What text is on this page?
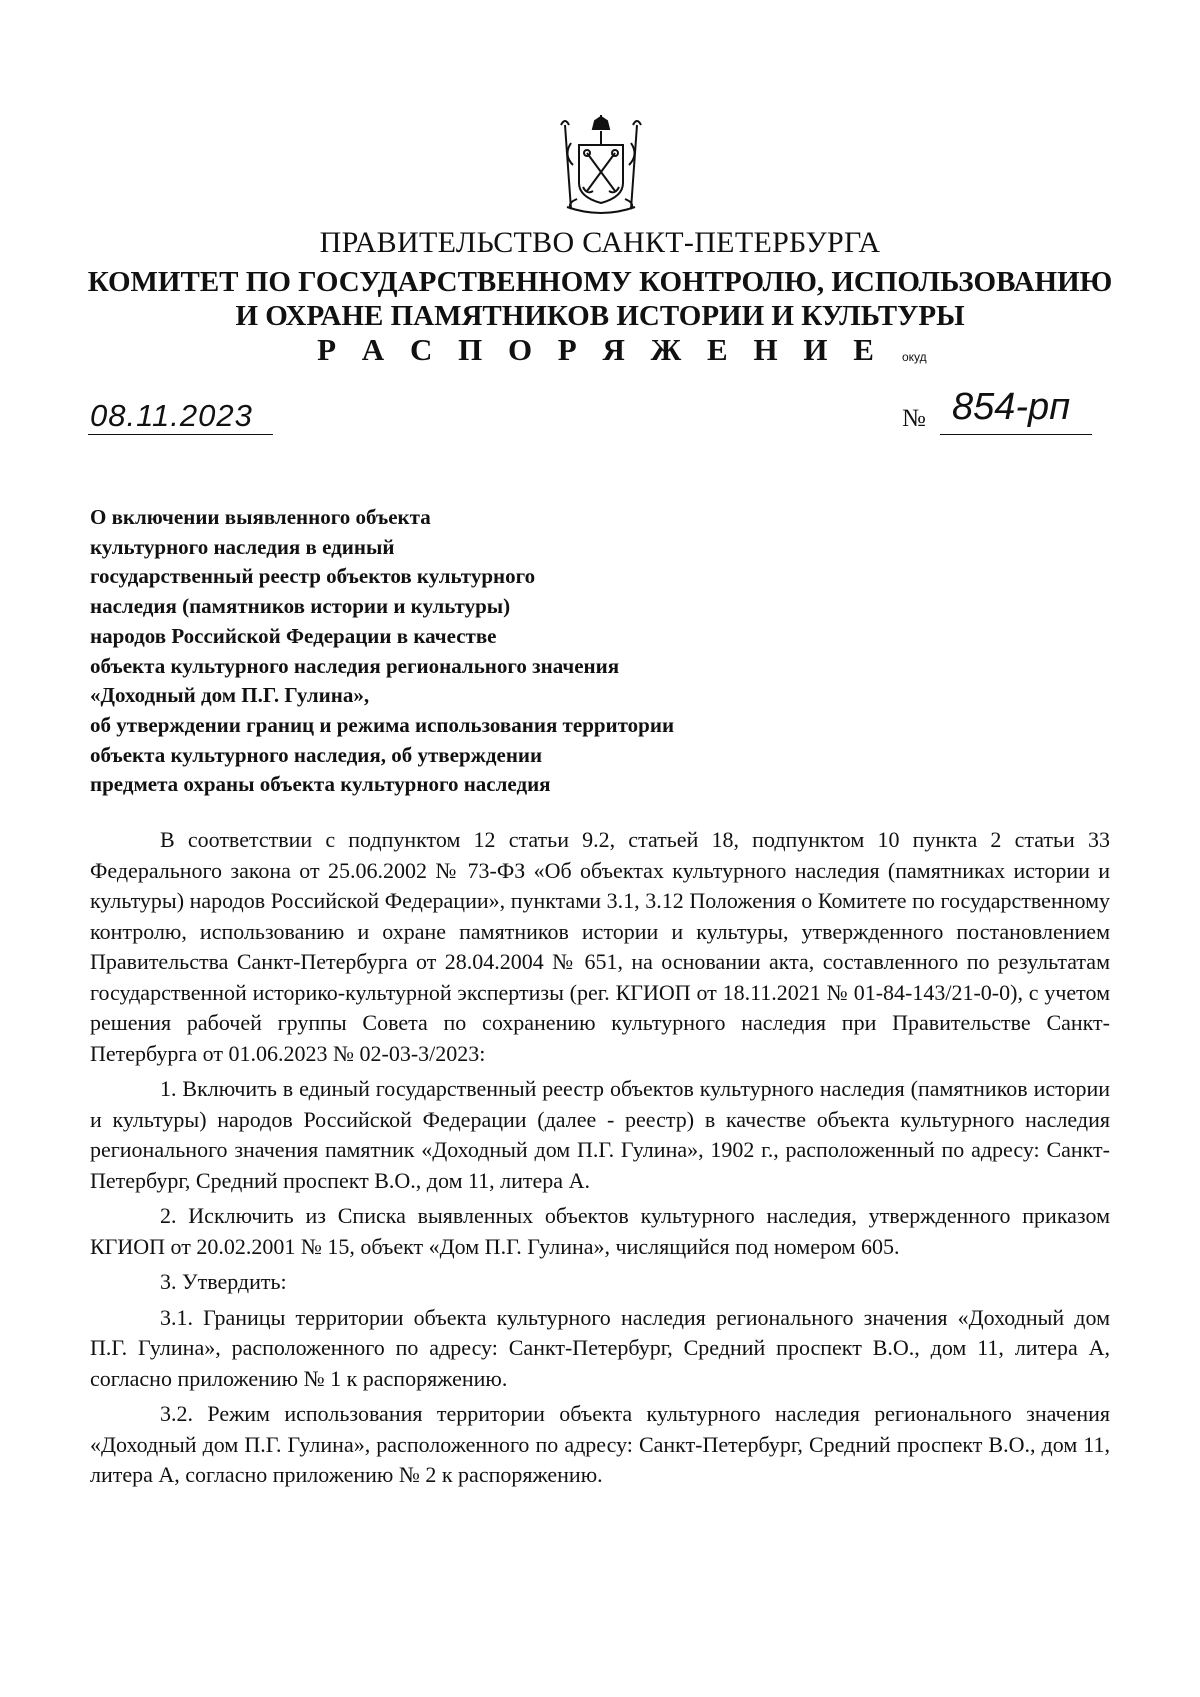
ПРАВИТЕЛЬСТВО САНКТ-ПЕТЕРБУРГА
КОМИТЕТ ПО ГОСУДАРСТВЕННОМУ КОНТРОЛЮ, ИСПОЛЬЗОВАНИЮ
И ОХРАНЕ ПАМЯТНИКОВ ИСТОРИИ И КУЛЬТУРЫ
Р А С П О Р Я Ж Е Н И Е	окуд
08.11.2023	№ 854-рп
О включении выявленного объекта
культурного наследия в единый
государственный реестр объектов культурного
наследия (памятников истории и культуры)
народов Российской Федерации в качестве
объекта культурного наследия регионального значения
«Доходный дом П.Г. Гулина»,
об утверждении границ и режима использования территории
объекта культурного наследия, об утверждении
предмета охраны объекта культурного наследия

В соответствии с подпунктом 12 статьи 9.2, статьей 18, подпунктом 10 пункта 2 статьи 33 Федерального закона от 25.06.2002 № 73-ФЗ «Об объектах культурного наследия (памятниках истории и культуры) народов Российской Федерации», пунктами 3.1, 3.12 Положения о Комитете по государственному контролю, использованию и охране памятников истории и культуры, утвержденного постановлением Правительства Санкт-Петербурга от 28.04.2004 № 651, на основании акта, составленного по результатам государственной историко-культурной экспертизы (рег. КГИОП от 18.11.2021 № 01-84-143/21-0-0), с учетом решения рабочей группы Совета по сохранению культурного наследия при Правительстве Санкт-Петербурга от 01.06.2023 № 02-03-3/2023:

1. Включить в единый государственный реестр объектов культурного наследия (памятников истории и культуры) народов Российской Федерации (далее - реестр) в качестве объекта культурного наследия регионального значения памятник «Доходный дом П.Г. Гулина», 1902 г., расположенный по адресу: Санкт-Петербург, Средний проспект В.О., дом 11, литера А.

2. Исключить из Списка выявленных объектов культурного наследия, утвержденного приказом КГИОП от 20.02.2001 № 15, объект «Дом П.Г. Гулина», числящийся под номером 605.

3. Утвердить:

3.1. Границы территории объекта культурного наследия регионального значения «Доходный дом П.Г. Гулина», расположенного по адресу: Санкт-Петербург, Средний проспект В.О., дом 11, литера А, согласно приложению № 1 к распоряжению.

3.2. Режим использования территории объекта культурного наследия регионального значения «Доходный дом П.Г. Гулина», расположенного по адресу: Санкт-Петербург, Средний проспект В.О., дом 11, литера А, согласно приложению № 2 к распоряжению.
